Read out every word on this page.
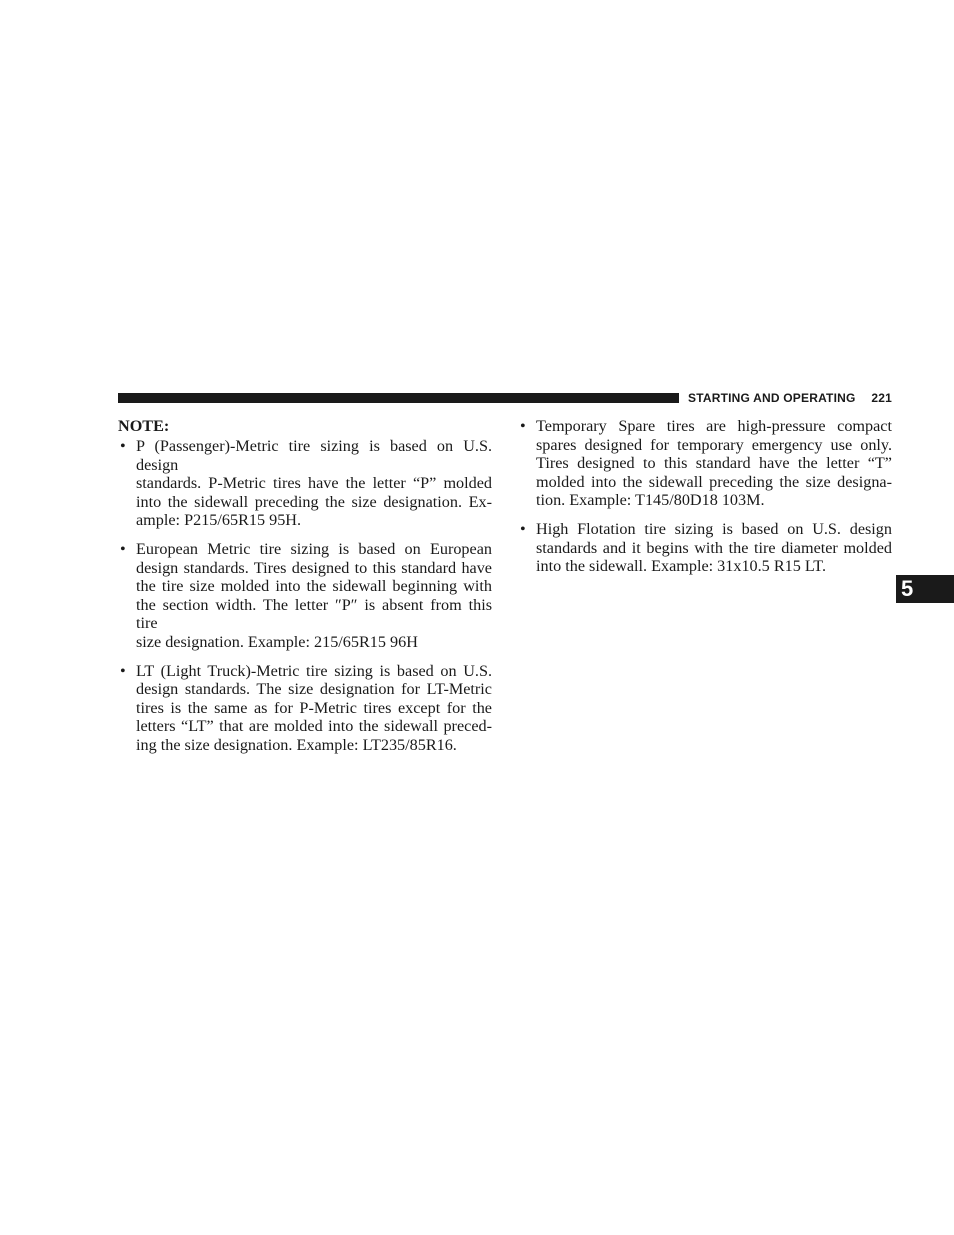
STARTING AND OPERATING 221
NOTE:
• P (Passenger)-Metric tire sizing is based on U.S. design
standards. P-Metric tires have the letter “P” molded
into the sidewall preceding the size designation. Ex-
ample: P215/65R15 95H.
• European Metric tire sizing is based on European
design standards. Tires designed to this standard have
the tire size molded into the sidewall beginning with
the section width. The letter ″P″ is absent from this tire
size designation. Example: 215/65R15 96H
• LT (Light Truck)-Metric tire sizing is based on U.S.
design standards. The size designation for LT-Metric
tires is the same as for P-Metric tires except for the
letters “LT” that are molded into the sidewall preced-
ing the size designation. Example: LT235/85R16.
• Temporary Spare tires are high-pressure compact
spares designed for temporary emergency use only.
Tires designed to this standard have the letter “T”
molded into the sidewall preceding the size designa-
tion. Example: T145/80D18 103M.
• High Flotation tire sizing is based on U.S. design
standards and it begins with the tire diameter molded
into the sidewall. Example: 31x10.5 R15 LT.
5
